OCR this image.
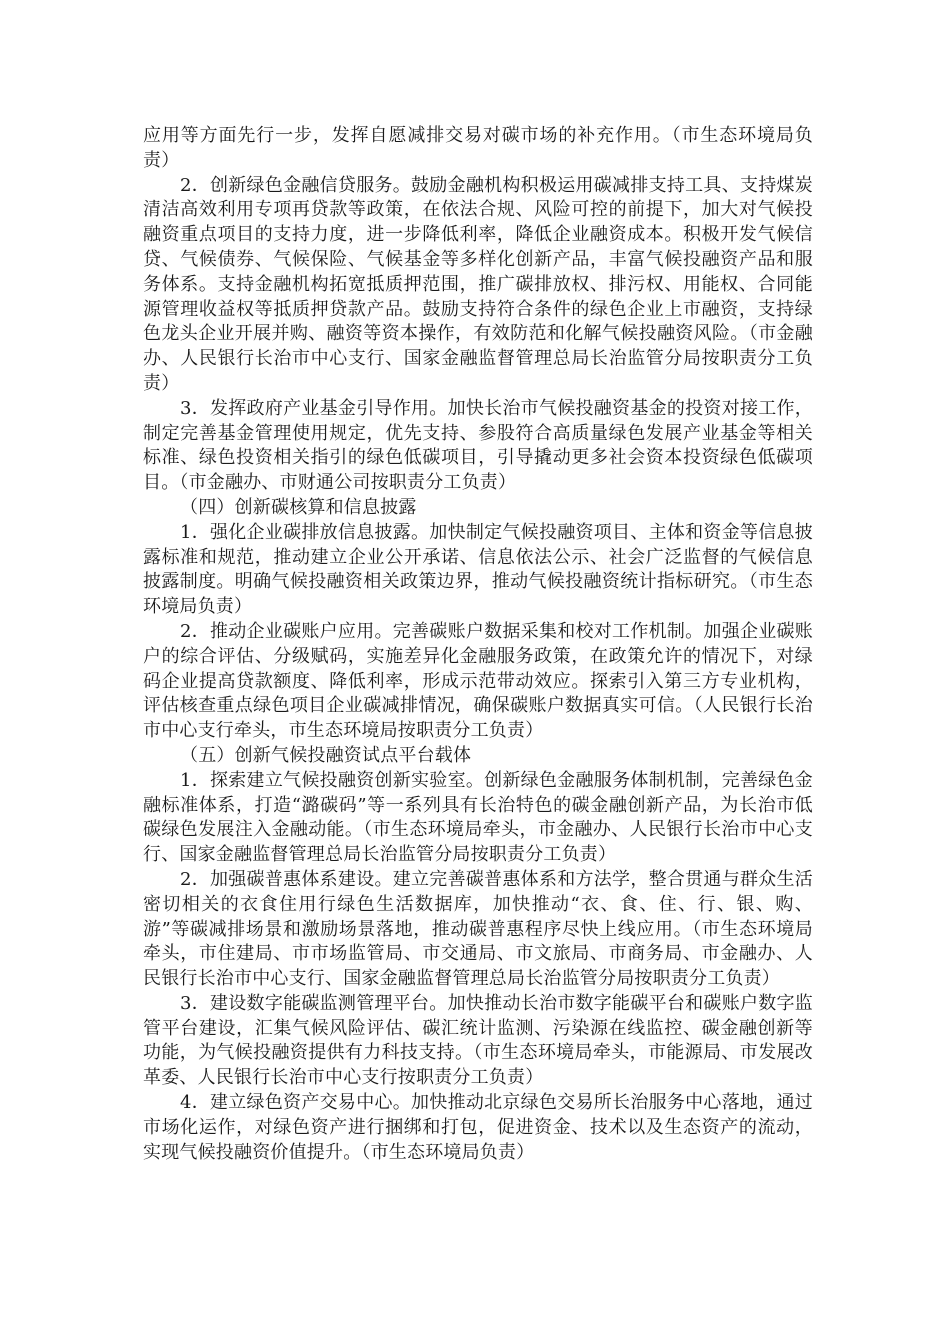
应用等方面先行一步，发挥自愿减排交易对碳市场的补充作用。（市生态环境局负责）

2．创新绿色金融信贷服务。鼓励金融机构积极运用碳减排支持工具、支持煤炭清洁高效利用专项再贷款等政策，在依法合规、风险可控的前提下，加大对气候投融资重点项目的支持力度，进一步降低利率，降低企业融资成本。积极开发气候信贷、气候债券、气候保险、气候基金等多样化创新产品，丰富气候投融资产品和服务体系。支持金融机构拓宽抵质押范围，推广碳排放权、排污权、用能权、合同能源管理收益权等抵质押贷款产品。鼓励支持符合条件的绿色企业上市融资，支持绿色龙头企业开展并购、融资等资本操作，有效防范和化解气候投融资风险。（市金融办、人民银行长治市中心支行、国家金融监督管理总局长治监管分局按职责分工负责）

3．发挥政府产业基金引导作用。加快长治市气候投融资基金的投资对接工作，制定完善基金管理使用规定，优先支持、参股符合高质量绿色发展产业基金等相关标准、绿色投资相关指引的绿色低碳项目，引导撬动更多社会资本投资绿色低碳项目。（市金融办、市财通公司按职责分工负责）

（四）创新碳核算和信息披露

1．强化企业碳排放信息披露。加快制定气候投融资项目、主体和资金等信息披露标准和规范，推动建立企业公开承诺、信息依法公示、社会广泛监督的气候信息披露制度。明确气候投融资相关政策边界，推动气候投融资统计指标研究。（市生态环境局负责）

2．推动企业碳账户应用。完善碳账户数据采集和校对工作机制。加强企业碳账户的综合评估、分级赋码，实施差异化金融服务政策，在政策允许的情况下，对绿码企业提高贷款额度、降低利率，形成示范带动效应。探索引入第三方专业机构，评估核查重点绿色项目企业碳减排情况，确保碳账户数据真实可信。（人民银行长治市中心支行牵头，市生态环境局按职责分工负责）

（五）创新气候投融资试点平台载体

1．探索建立气候投融资创新实验室。创新绿色金融服务体制机制，完善绿色金融标准体系，打造“潞碳码”等一系列具有长治特色的碳金融创新产品，为长治市低碳绿色发展注入金融动能。（市生态环境局牵头，市金融办、人民银行长治市中心支行、国家金融监督管理总局长治监管分局按职责分工负责）

2．加强碳普惠体系建设。建立完善碳普惠体系和方法学，整合贯通与群众生活密切相关的衣食住用行绿色生活数据库，加快推动“衣、食、住、行、银、购、游”等碳减排场景和激励场景落地，推动碳普惠程序尽快上线应用。（市生态环境局牵头，市住建局、市市场监管局、市交通局、市文旅局、市商务局、市金融办、人民银行长治市中心支行、国家金融监督管理总局长治监管分局按职责分工负责）

3．建设数字能碳监测管理平台。加快推动长治市数字能碳平台和碳账户数字监管平台建设，汇集气候风险评估、碳汇统计监测、污染源在线监控、碳金融创新等功能，为气候投融资提供有力科技支持。（市生态环境局牵头，市能源局、市发展改革委、人民银行长治市中心支行按职责分工负责）

4．建立绿色资产交易中心。加快推动北京绿色交易所长治服务中心落地，通过市场化运作，对绿色资产进行捆绑和打包，促进资金、技术以及生态资产的流动，实现气候投融资价值提升。（市生态环境局负责）
